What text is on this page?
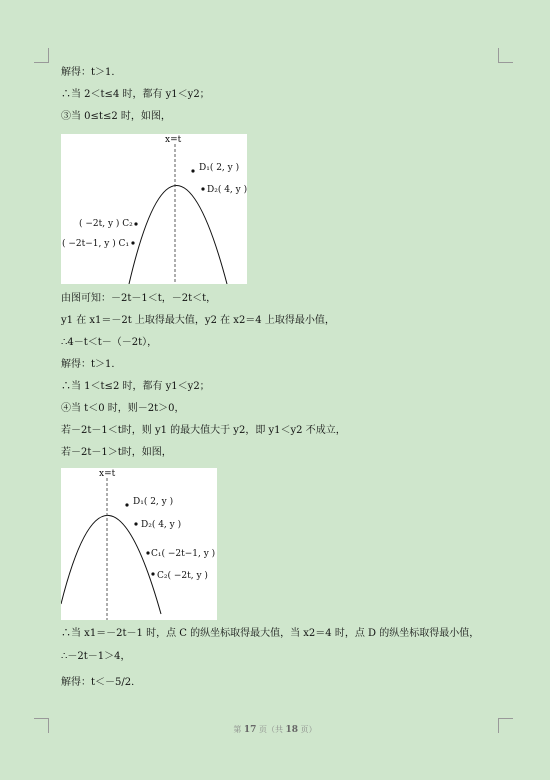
解得：t＞1．
∴当 2＜t≤4 时，都有 y1＜y2；
③当 0≤t≤2 时，如图，
x=t
D₁( 2, y )
D₂( 4, y )
( −2t, y ) C₂
( −2t−1, y ) C₁
由图可知：－2t－1＜t，－2t＜t，
y1 在 x1＝－2t 上取得最大值，y2 在 x2＝4 上取得最小值，
∴4－t＜t－（－2t），
解得：t＞1．
∴当 1＜t≤2 时，都有 y1＜y2；
④当 t＜0 时，则－2t＞0，
若－2t－1＜t时，则 y1 的最大值大于 y2，即 y1＜y2 不成立，
若－2t－1＞t时，如图，
x=t
D₁( 2, y )
D₂( 4, y )
C₁( −2t−1, y )
C₂( −2t, y )
∴当 x1＝－2t－1 时，点 C 的纵坐标取得最大值，当 x2＝4 时，点 D 的纵坐标取得最小值，
∴－2t－1＞4，
解得：t＜－5/2．
第 17 页（共 18 页）
